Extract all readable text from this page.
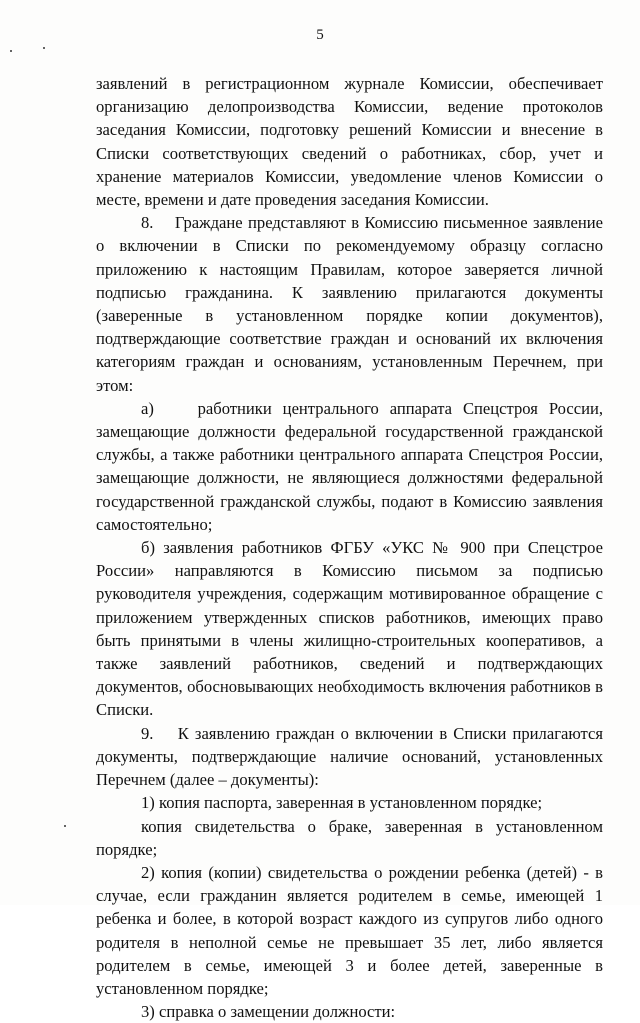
5

заявлений в регистрационном журнале Комиссии, обеспечивает организацию делопроизводства Комиссии, ведение протоколов заседания Комиссии, подготовку решений Комиссии и внесение в Списки соответствующих сведений о работниках, сбор, учет и хранение материалов Комиссии, уведомление членов Комиссии о месте, времени и дате проведения заседания Комиссии.

8.    Граждане представляют в Комиссию письменное заявление о включении в Списки по рекомендуемому образцу согласно приложению к настоящим Правилам, которое заверяется личной подписью гражданина. К заявлению прилагаются документы (заверенные в установленном порядке копии документов), подтверждающие соответствие граждан и оснований их включения категориям граждан и основаниям, установленным Перечнем, при этом:

а)    работники центрального аппарата Спецстроя России, замещающие должности федеральной государственной гражданской службы, а также работники центрального аппарата Спецстроя России, замещающие должности, не являющиеся должностями федеральной государственной гражданской службы, подают в Комиссию заявления самостоятельно;

б) заявления работников ФГБУ «УКС № 900 при Спецстрое России» направляются в Комиссию письмом за подписью руководителя учреждения, содержащим мотивированное обращение с приложением утвержденных списков работников, имеющих право быть принятыми в члены жилищно-строительных кооперативов, а также заявлений работников, сведений и подтверждающих документов, обосновывающих необходимость включения работников в Списки.

9.    К заявлению граждан о включении в Списки прилагаются документы, подтверждающие наличие оснований, установленных Перечнем (далее – документы):

1) копия паспорта, заверенная в установленном порядке;

копия свидетельства о браке, заверенная в установленном порядке;

2) копия (копии) свидетельства о рождении ребенка (детей) - в случае, если гражданин является родителем в семье, имеющей 1 ребенка и более, в которой возраст каждого из супругов либо одного родителя в неполной семье не превышает 35 лет, либо является родителем в семье, имеющей 3 и более детей, заверенные в установленном порядке;

3) справка о замещении должности:
